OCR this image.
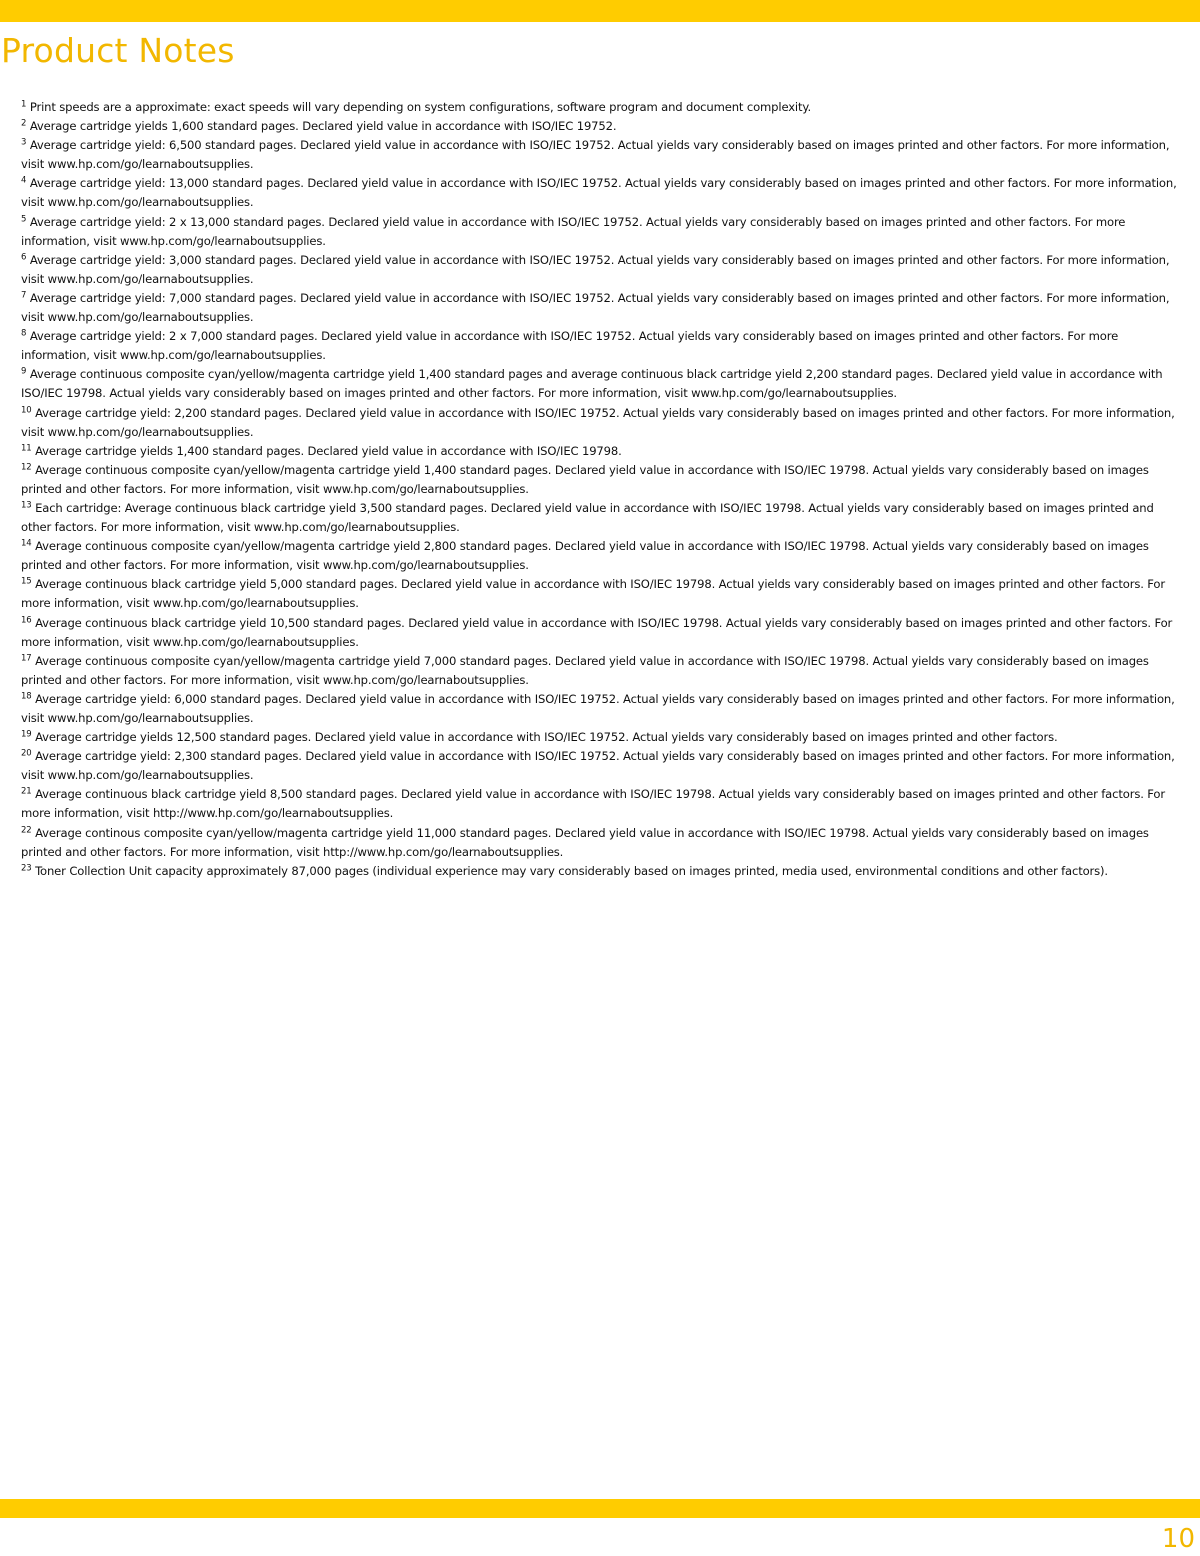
Product Notes
$^1$ Print speeds are a approximate: exact speeds will vary depending on system configurations, software program and document complexity.
$^2$ Average cartridge yields 1,600 standard pages. Declared yield value in accordance with ISO/IEC 19752.
$^3$ Average cartridge yield: 6,500 standard pages. Declared yield value in accordance with ISO/IEC 19752. Actual yields vary considerably based on images printed and other factors. For more information, visit www.hp.com/go/learnaboutsupplies.
$^4$ Average cartridge yield: 13,000 standard pages. Declared yield value in accordance with ISO/IEC 19752. Actual yields vary considerably based on images printed and other factors. For more information, visit www.hp.com/go/learnaboutsupplies.
$^5$ Average cartridge yield: 2 x 13,000 standard pages. Declared yield value in accordance with ISO/IEC 19752. Actual yields vary considerably based on images printed and other factors. For more information, visit www.hp.com/go/learnaboutsupplies.
$^6$ Average cartridge yield: 3,000 standard pages. Declared yield value in accordance with ISO/IEC 19752. Actual yields vary considerably based on images printed and other factors. For more information, visit www.hp.com/go/learnaboutsupplies.
$^7$ Average cartridge yield: 7,000 standard pages. Declared yield value in accordance with ISO/IEC 19752. Actual yields vary considerably based on images printed and other factors. For more information, visit www.hp.com/go/learnaboutsupplies.
$^8$ Average cartridge yield: 2 x 7,000 standard pages. Declared yield value in accordance with ISO/IEC 19752. Actual yields vary considerably based on images printed and other factors. For more information, visit www.hp.com/go/learnaboutsupplies.
$^9$ Average continuous composite cyan/yellow/magenta cartridge yield 1,400 standard pages and average continuous black cartridge yield 2,200 standard pages. Declared yield value in accordance with ISO/IEC 19798. Actual yields vary considerably based on images printed and other factors. For more information, visit www.hp.com/go/learnaboutsupplies.
$^{10}$ Average cartridge yield: 2,200 standard pages. Declared yield value in accordance with ISO/IEC 19752. Actual yields vary considerably based on images printed and other factors. For more information, visit www.hp.com/go/learnaboutsupplies.
$^{11}$ Average cartridge yields 1,400 standard pages. Declared yield value in accordance with ISO/IEC 19798.
$^{12}$ Average continuous composite cyan/yellow/magenta cartridge yield 1,400 standard pages. Declared yield value in accordance with ISO/IEC 19798. Actual yields vary considerably based on images printed and other factors. For more information, visit www.hp.com/go/learnaboutsupplies.
$^{13}$ Each cartridge: Average continuous black cartridge yield 3,500 standard pages. Declared yield value in accordance with ISO/IEC 19798. Actual yields vary considerably based on images printed and other factors. For more information, visit www.hp.com/go/learnaboutsupplies.
$^{14}$ Average continuous composite cyan/yellow/magenta cartridge yield 2,800 standard pages. Declared yield value in accordance with ISO/IEC 19798. Actual yields vary considerably based on images printed and other factors. For more information, visit www.hp.com/go/learnaboutsupplies.
$^{15}$ Average continuous black cartridge yield 5,000 standard pages. Declared yield value in accordance with ISO/IEC 19798. Actual yields vary considerably based on images printed and other factors. For more information, visit www.hp.com/go/learnaboutsupplies.
$^{16}$ Average continuous black cartridge yield 10,500 standard pages. Declared yield value in accordance with ISO/IEC 19798. Actual yields vary considerably based on images printed and other factors. For more information, visit www.hp.com/go/learnaboutsupplies.
$^{17}$ Average continuous composite cyan/yellow/magenta cartridge yield 7,000 standard pages. Declared yield value in accordance with ISO/IEC 19798. Actual yields vary considerably based on images printed and other factors. For more information, visit www.hp.com/go/learnaboutsupplies.
$^{18}$ Average cartridge yield: 6,000 standard pages. Declared yield value in accordance with ISO/IEC 19752. Actual yields vary considerably based on images printed and other factors. For more information, visit www.hp.com/go/learnaboutsupplies.
$^{19}$ Average cartridge yields 12,500 standard pages. Declared yield value in accordance with ISO/IEC 19752. Actual yields vary considerably based on images printed and other factors.
$^{20}$ Average cartridge yield: 2,300 standard pages. Declared yield value in accordance with ISO/IEC 19752. Actual yields vary considerably based on images printed and other factors. For more information, visit www.hp.com/go/learnaboutsupplies.
$^{21}$ Average continuous black cartridge yield 8,500 standard pages. Declared yield value in accordance with ISO/IEC 19798. Actual yields vary considerably based on images printed and other factors. For more information, visit http://www.hp.com/go/learnaboutsupplies.
$^{22}$ Average continous composite cyan/yellow/magenta cartridge yield 11,000 standard pages. Declared yield value in accordance with ISO/IEC 19798. Actual yields vary considerably based on images printed and other factors. For more information, visit http://www.hp.com/go/learnaboutsupplies.
$^{23}$ Toner Collection Unit capacity approximately 87,000 pages (individual experience may vary considerably based on images printed, media used, environmental conditions and other factors).
10
